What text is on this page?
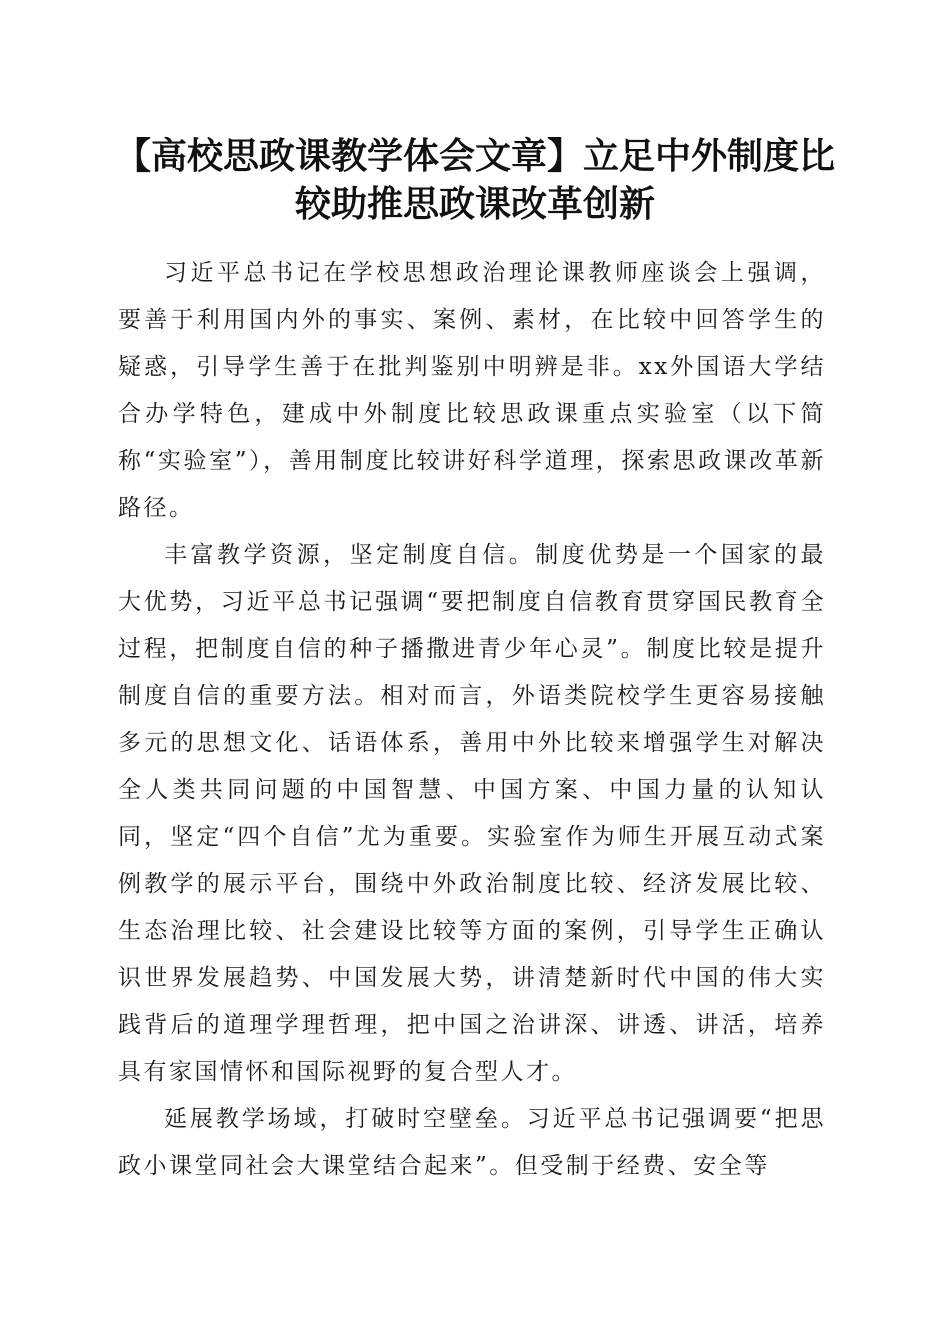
【高校思政课教学体会文章】立足中外制度比
较助推思政课改革创新

习近平总书记在学校思想政治理论课教师座谈会上强调，要善于利用国内外的事实、案例、素材，在比较中回答学生的疑惑，引导学生善于在批判鉴别中明辨是非。xx外国语大学结合办学特色，建成中外制度比较思政课重点实验室（以下简称“实验室”），善用制度比较讲好科学道理，探索思政课改革新路径。

丰富教学资源，坚定制度自信。制度优势是一个国家的最大优势，习近平总书记强调“要把制度自信教育贯穿国民教育全过程，把制度自信的种子播撒进青少年心灵”。制度比较是提升制度自信的重要方法。相对而言，外语类院校学生更容易接触多元的思想文化、话语体系，善用中外比较来增强学生对解决全人类共同问题的中国智慧、中国方案、中国力量的认知认同，坚定“四个自信”尤为重要。实验室作为师生开展互动式案例教学的展示平台，围绕中外政治制度比较、经济发展比较、生态治理比较、社会建设比较等方面的案例，引导学生正确认识世界发展趋势、中国发展大势，讲清楚新时代中国的伟大实践背后的道理学理哲理，把中国之治讲深、讲透、讲活，培养具有家国情怀和国际视野的复合型人才。

延展教学场域，打破时空壁垒。习近平总书记强调要“把思政小课堂同社会大课堂结合起来”。但受制于经费、安全等
